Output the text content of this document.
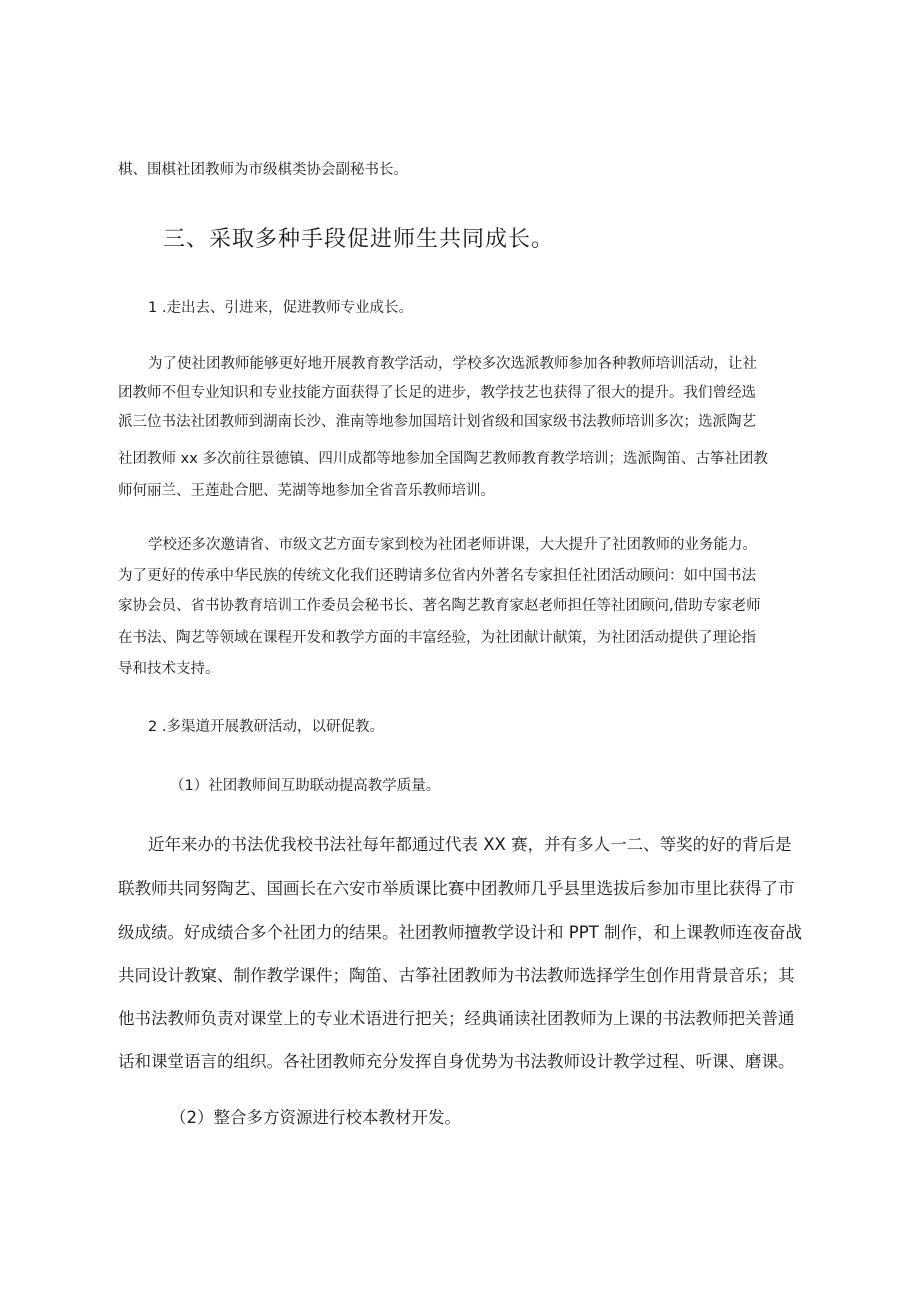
棋、围棋社团教师为市级棋类协会副秘书长。

三、采取多种手段促进师生共同成长。

1 .走出去、引进来，促进教师专业成长。

为了使社团教师能够更好地开展教育教学活动，学校多次选派教师参加各种教师培训活动，让社

团教师不但专业知识和专业技能方面获得了长足的进步，教学技艺也获得了很大的提升。我们曾经选

派三位书法社团教师到湖南长沙、淮南等地参加国培计划省级和国家级书法教师培训多次；选派陶艺

社团教师 xx 多次前往景德镇、四川成都等地参加全国陶艺教师教育教学培训；选派陶笛、古筝社团教

师何丽兰、王莲赴合肥、芜湖等地参加全省音乐教师培训。

学校还多次邀请省、市级文艺方面专家到校为社团老师讲课，大大提升了社团教师的业务能力。

为了更好的传承中华民族的传统文化我们还聘请多位省内外著名专家担任社团活动顾问：如中国书法

家协会员、省书协教育培训工作委员会秘书长、著名陶艺教育家赵老师担任等社团顾问,借助专家老师

在书法、陶艺等领域在课程开发和教学方面的丰富经验，为社团献计献策，为社团活动提供了理论指

导和技术支持。

2 .多渠道开展教研活动，以研促教。

（1）社团教师间互助联动提高教学质量。

近年来办的书法优我校书法社每年都通过代表 XX 赛，并有多人一二、等奖的好的背后是

联教师共同努陶艺、国画长在六安市举质课比赛中团教师几乎县里选拔后参加市里比获得了市

级成绩。好成绩合多个社团力的结果。社团教师擅教学设计和 PPT 制作，和上课教师连夜奋战

共同设计教窠、制作教学课件；陶笛、古筝社团教师为书法教师选择学生创作用背景音乐；其

他书法教师负责对课堂上的专业术语进行把关；经典诵读社团教师为上课的书法教师把关普通

话和课堂语言的组织。各社团教师充分发挥自身优势为书法教师设计教学过程、听课、磨课。

（2）整合多方资源进行校本教材开发。
